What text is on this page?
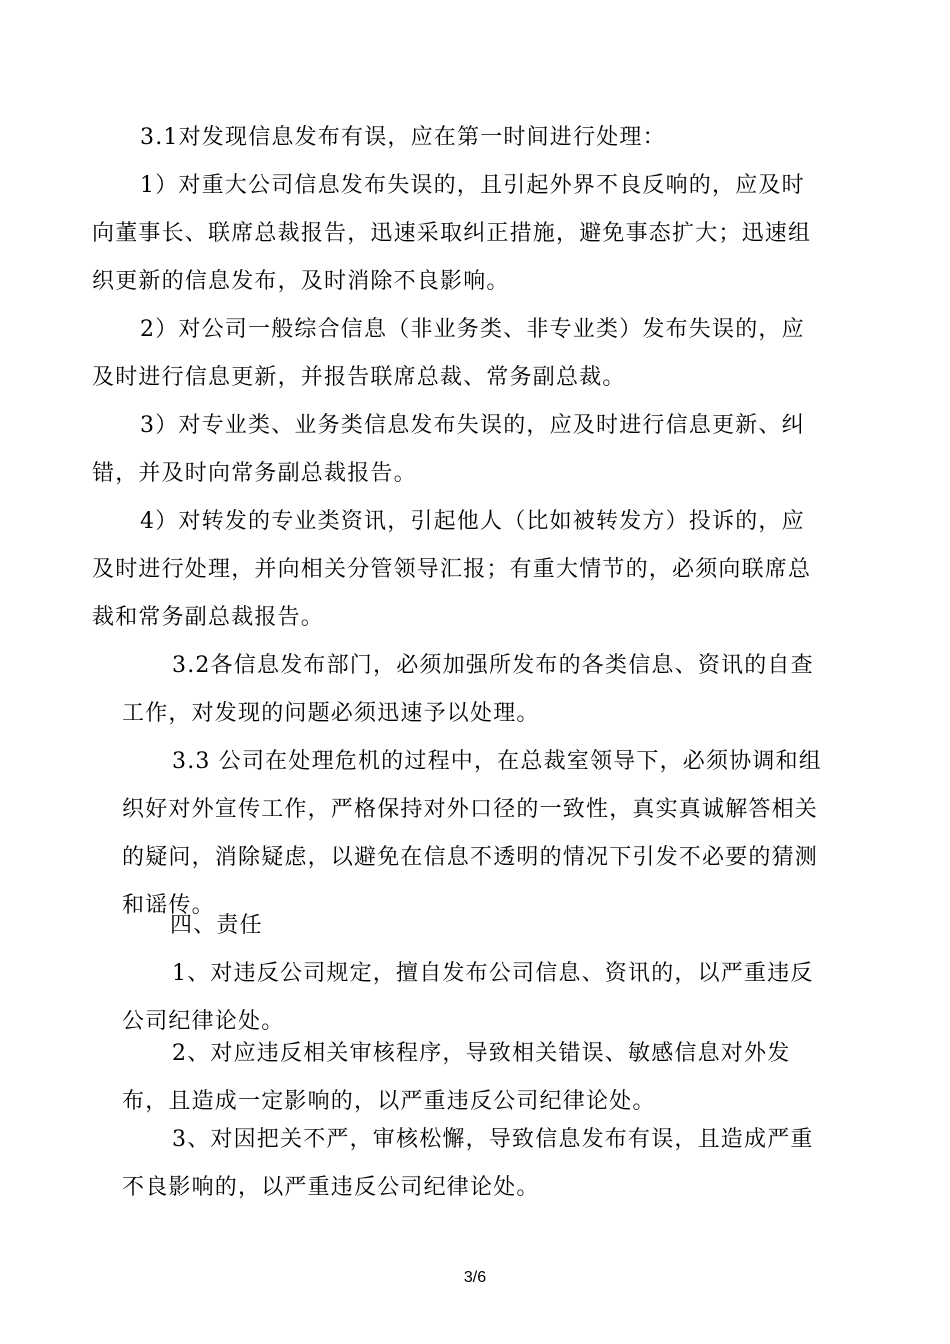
3.1对发现信息发布有误，应在第一时间进行处理：

1）对重大公司信息发布失误的，且引起外界不良反响的，应及时
向董事长、联席总裁报告，迅速采取纠正措施，避免事态扩大；迅速组
织更新的信息发布，及时消除不良影响。

2）对公司一般综合信息（非业务类、非专业类）发布失误的，应
及时进行信息更新，并报告联席总裁、常务副总裁。

3）对专业类、业务类信息发布失误的，应及时进行信息更新、纠
错，并及时向常务副总裁报告。

4）对转发的专业类资讯，引起他人（比如被转发方）投诉的，应
及时进行处理，并向相关分管领导汇报；有重大情节的，必须向联席总
裁和常务副总裁报告。

3.2各信息发布部门，必须加强所发布的各类信息、资讯的自查
工作，对发现的问题必须迅速予以处理。

3.3 公司在处理危机的过程中，在总裁室领导下，必须协调和组
织好对外宣传工作，严格保持对外口径的一致性，真实真诚解答相关
的疑问，消除疑虑，以避免在信息不透明的情况下引发不必要的猜测
和谣传。

四、责任

1、对违反公司规定，擅自发布公司信息、资讯的，以严重违反
公司纪律论处。

2、对应违反相关审核程序，导致相关错误、敏感信息对外发
布，且造成一定影响的，以严重违反公司纪律论处。

3、对因把关不严，审核松懈，导致信息发布有误，且造成严重
不良影响的，以严重违反公司纪律论处。

3/6
